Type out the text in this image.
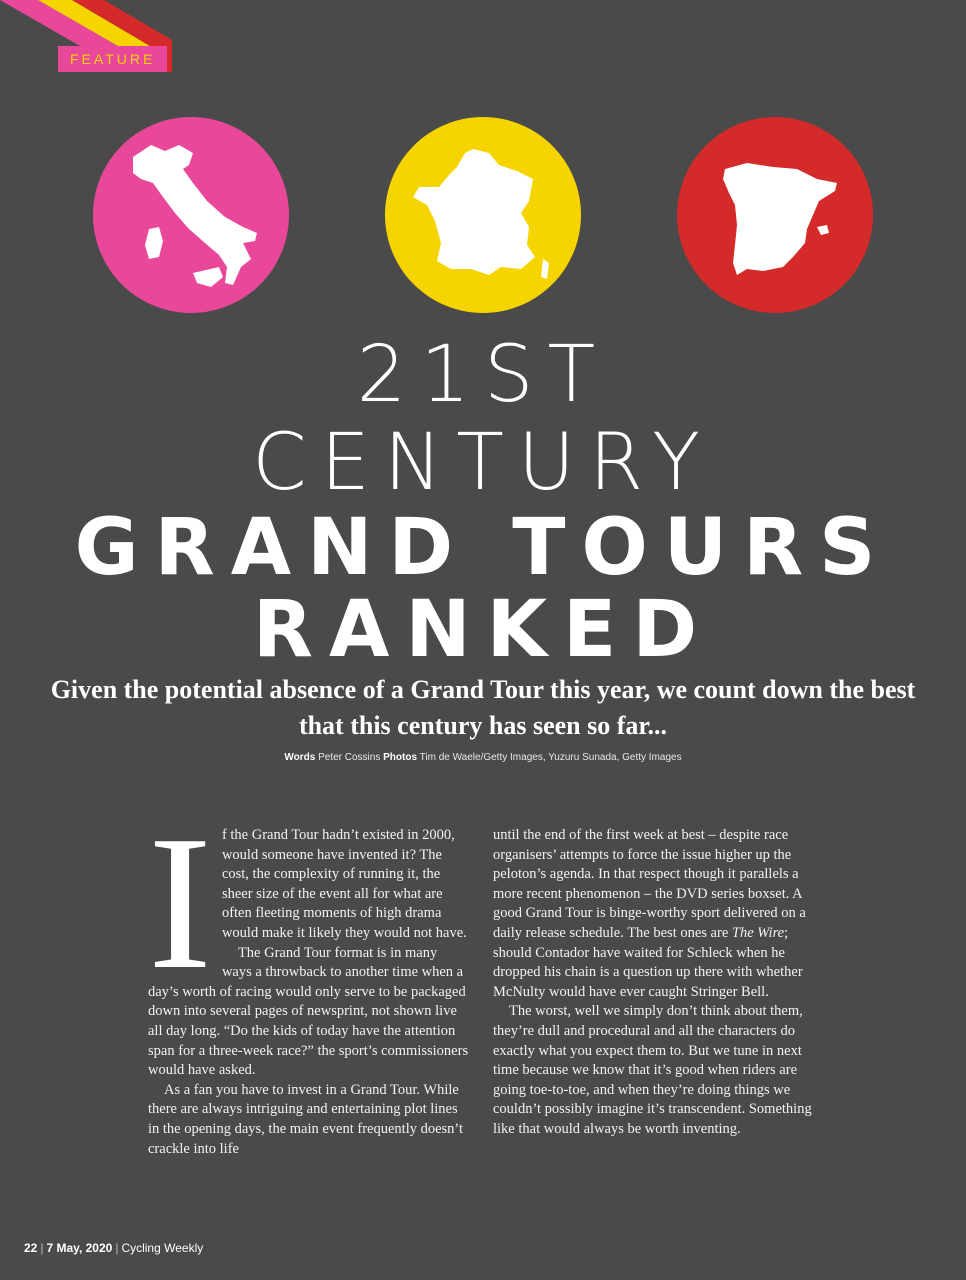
FEATURE
21ST
CENTURY
GRAND TOURS
RANKED
Given the potential absence of a Grand Tour this year, we count down the best that this century has seen so far...
Words Peter Cossins Photos Tim de Waele/Getty Images, Yuzuru Sunada, Getty Images
I f the Grand Tour hadn’t existed in 2000, would someone have invented it? The cost, the complexity of running it, the sheer size of the event all for what are often fleeting moments of high drama would make it likely they would not have.

The Grand Tour format is in many ways a throwback to another time when a day’s worth of racing would only serve to be packaged down into several pages of newsprint, not shown live all day long. “Do the kids of today have the attention span for a three-week race?” the sport’s commissioners would have asked.

As a fan you have to invest in a Grand Tour. While there are always intriguing and entertaining plot lines in the opening days, the main event frequently doesn’t crackle into life

until the end of the first week at best – despite race organisers’ attempts to force the issue higher up the peloton’s agenda. In that respect though it parallels a more recent phenomenon – the DVD series boxset. A good Grand Tour is binge-worthy sport delivered on a daily release schedule. The best ones are The Wire; should Contador have waited for Schleck when he dropped his chain is a question up there with whether McNulty would have ever caught Stringer Bell.

The worst, well we simply don’t think about them, they’re dull and procedural and all the characters do exactly what you expect them to. But we tune in next time because we know that it’s good when riders are going toe-to-toe, and when they’re doing things we couldn’t possibly imagine it’s transcendent. Something like that would always be worth inventing.

22 | 7 May, 2020 | Cycling Weekly
